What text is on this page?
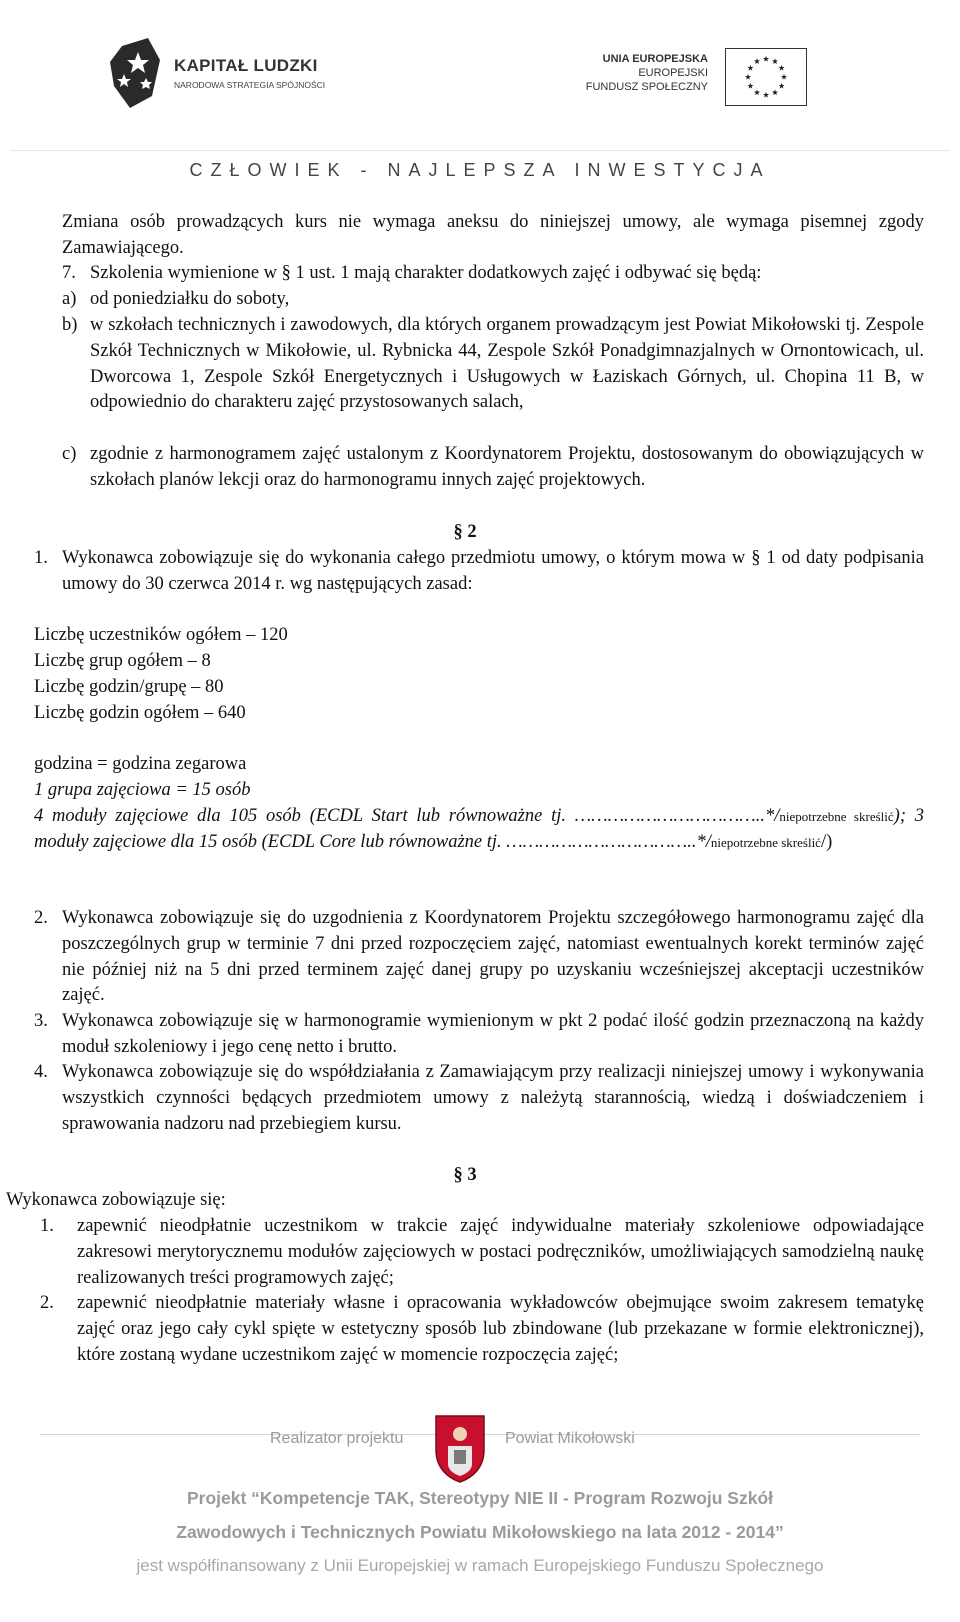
KAPITAŁ LUDZKI
NARODOWA STRATEGIA SPÓJNOŚCI
UNIA EUROPEJSKA
EUROPEJSKI
FUNDUSZ SPOŁECZNY
CZŁOWIEK - NAJLEPSZA INWESTYCJA
Zmiana osób prowadzących kurs nie wymaga aneksu do niniejszej umowy, ale wymaga pisemnej zgody Zamawiającego.
7. Szkolenia wymienione w § 1 ust. 1 mają charakter dodatkowych zajęć i odbywać się będą:
a) od poniedziałku do soboty,
b) w szkołach technicznych i zawodowych, dla których organem prowadzącym jest Powiat Mikołowski tj. Zespole Szkół Technicznych w Mikołowie, ul. Rybnicka 44, Zespole Szkół Ponadgimnazjalnych w Ornontowicach, ul. Dworcowa 1, Zespole Szkół Energetycznych i Usługowych w Łaziskach Górnych, ul. Chopina 11 B, w odpowiednio do charakteru zajęć przystosowanych salach,
c) zgodnie z harmonogramem zajęć ustalonym z Koordynatorem Projektu, dostosowanym do obowiązujących w szkołach planów lekcji oraz do harmonogramu innych zajęć projektowych.
§ 2
1. Wykonawca zobowiązuje się do wykonania całego przedmiotu umowy, o którym mowa w § 1 od daty podpisania umowy do 30 czerwca 2014 r. wg następujących zasad:
Liczbę uczestników ogółem – 120
Liczbę grup ogółem – 8
Liczbę godzin/grupę – 80
Liczbę godzin ogółem – 640
godzina = godzina zegarowa
1 grupa zajęciowa = 15 osób
4 moduły zajęciowe dla 105 osób (ECDL Start lub równoważne tj. ……………………………..*/niepotrzebne skreślić); 3 moduły zajęciowe dla 15 osób (ECDL Core lub równoważne tj. ……………………………..*/niepotrzebne skreślić/)
2. Wykonawca zobowiązuje się do uzgodnienia z Koordynatorem Projektu szczegółowego harmonogramu zajęć dla poszczególnych grup w terminie 7 dni przed rozpoczęciem zajęć, natomiast ewentualnych korekt terminów zajęć nie później niż na 5 dni przed terminem zajęć danej grupy po uzyskaniu wcześniejszej akceptacji uczestników zajęć.
3. Wykonawca zobowiązuje się w harmonogramie wymienionym w pkt 2 podać ilość godzin przeznaczoną na każdy moduł szkoleniowy i jego cenę netto i brutto.
4. Wykonawca zobowiązuje się do współdziałania z Zamawiającym przy realizacji niniejszej umowy i wykonywania wszystkich czynności będących przedmiotem umowy z należytą starannością, wiedzą i doświadczeniem i sprawowania nadzoru nad przebiegiem kursu.
§ 3
Wykonawca zobowiązuje się:
1. zapewnić nieodpłatnie uczestnikom w trakcie zajęć indywidualne materiały szkoleniowe odpowiadające zakresowi merytorycznemu modułów zajęciowych w postaci podręczników, umożliwiających samodzielną naukę realizowanych treści programowych zajęć;
2. zapewnić nieodpłatnie materiały własne i opracowania wykładowców obejmujące swoim zakresem tematykę zajęć oraz jego cały cykl spięte w estetyczny sposób lub zbindowane (lub przekazane w formie elektronicznej), które zostaną wydane uczestnikom zajęć w momencie rozpoczęcia zajęć;
Realizator projektu	Powiat Mikołowski
Projekt “Kompetencje TAK, Stereotypy NIE II - Program Rozwoju Szkół
Zawodowych i Technicznych Powiatu Mikołowskiego na lata 2012 - 2014”
jest współfinansowany z Unii Europejskiej w ramach Europejskiego Funduszu Społecznego
